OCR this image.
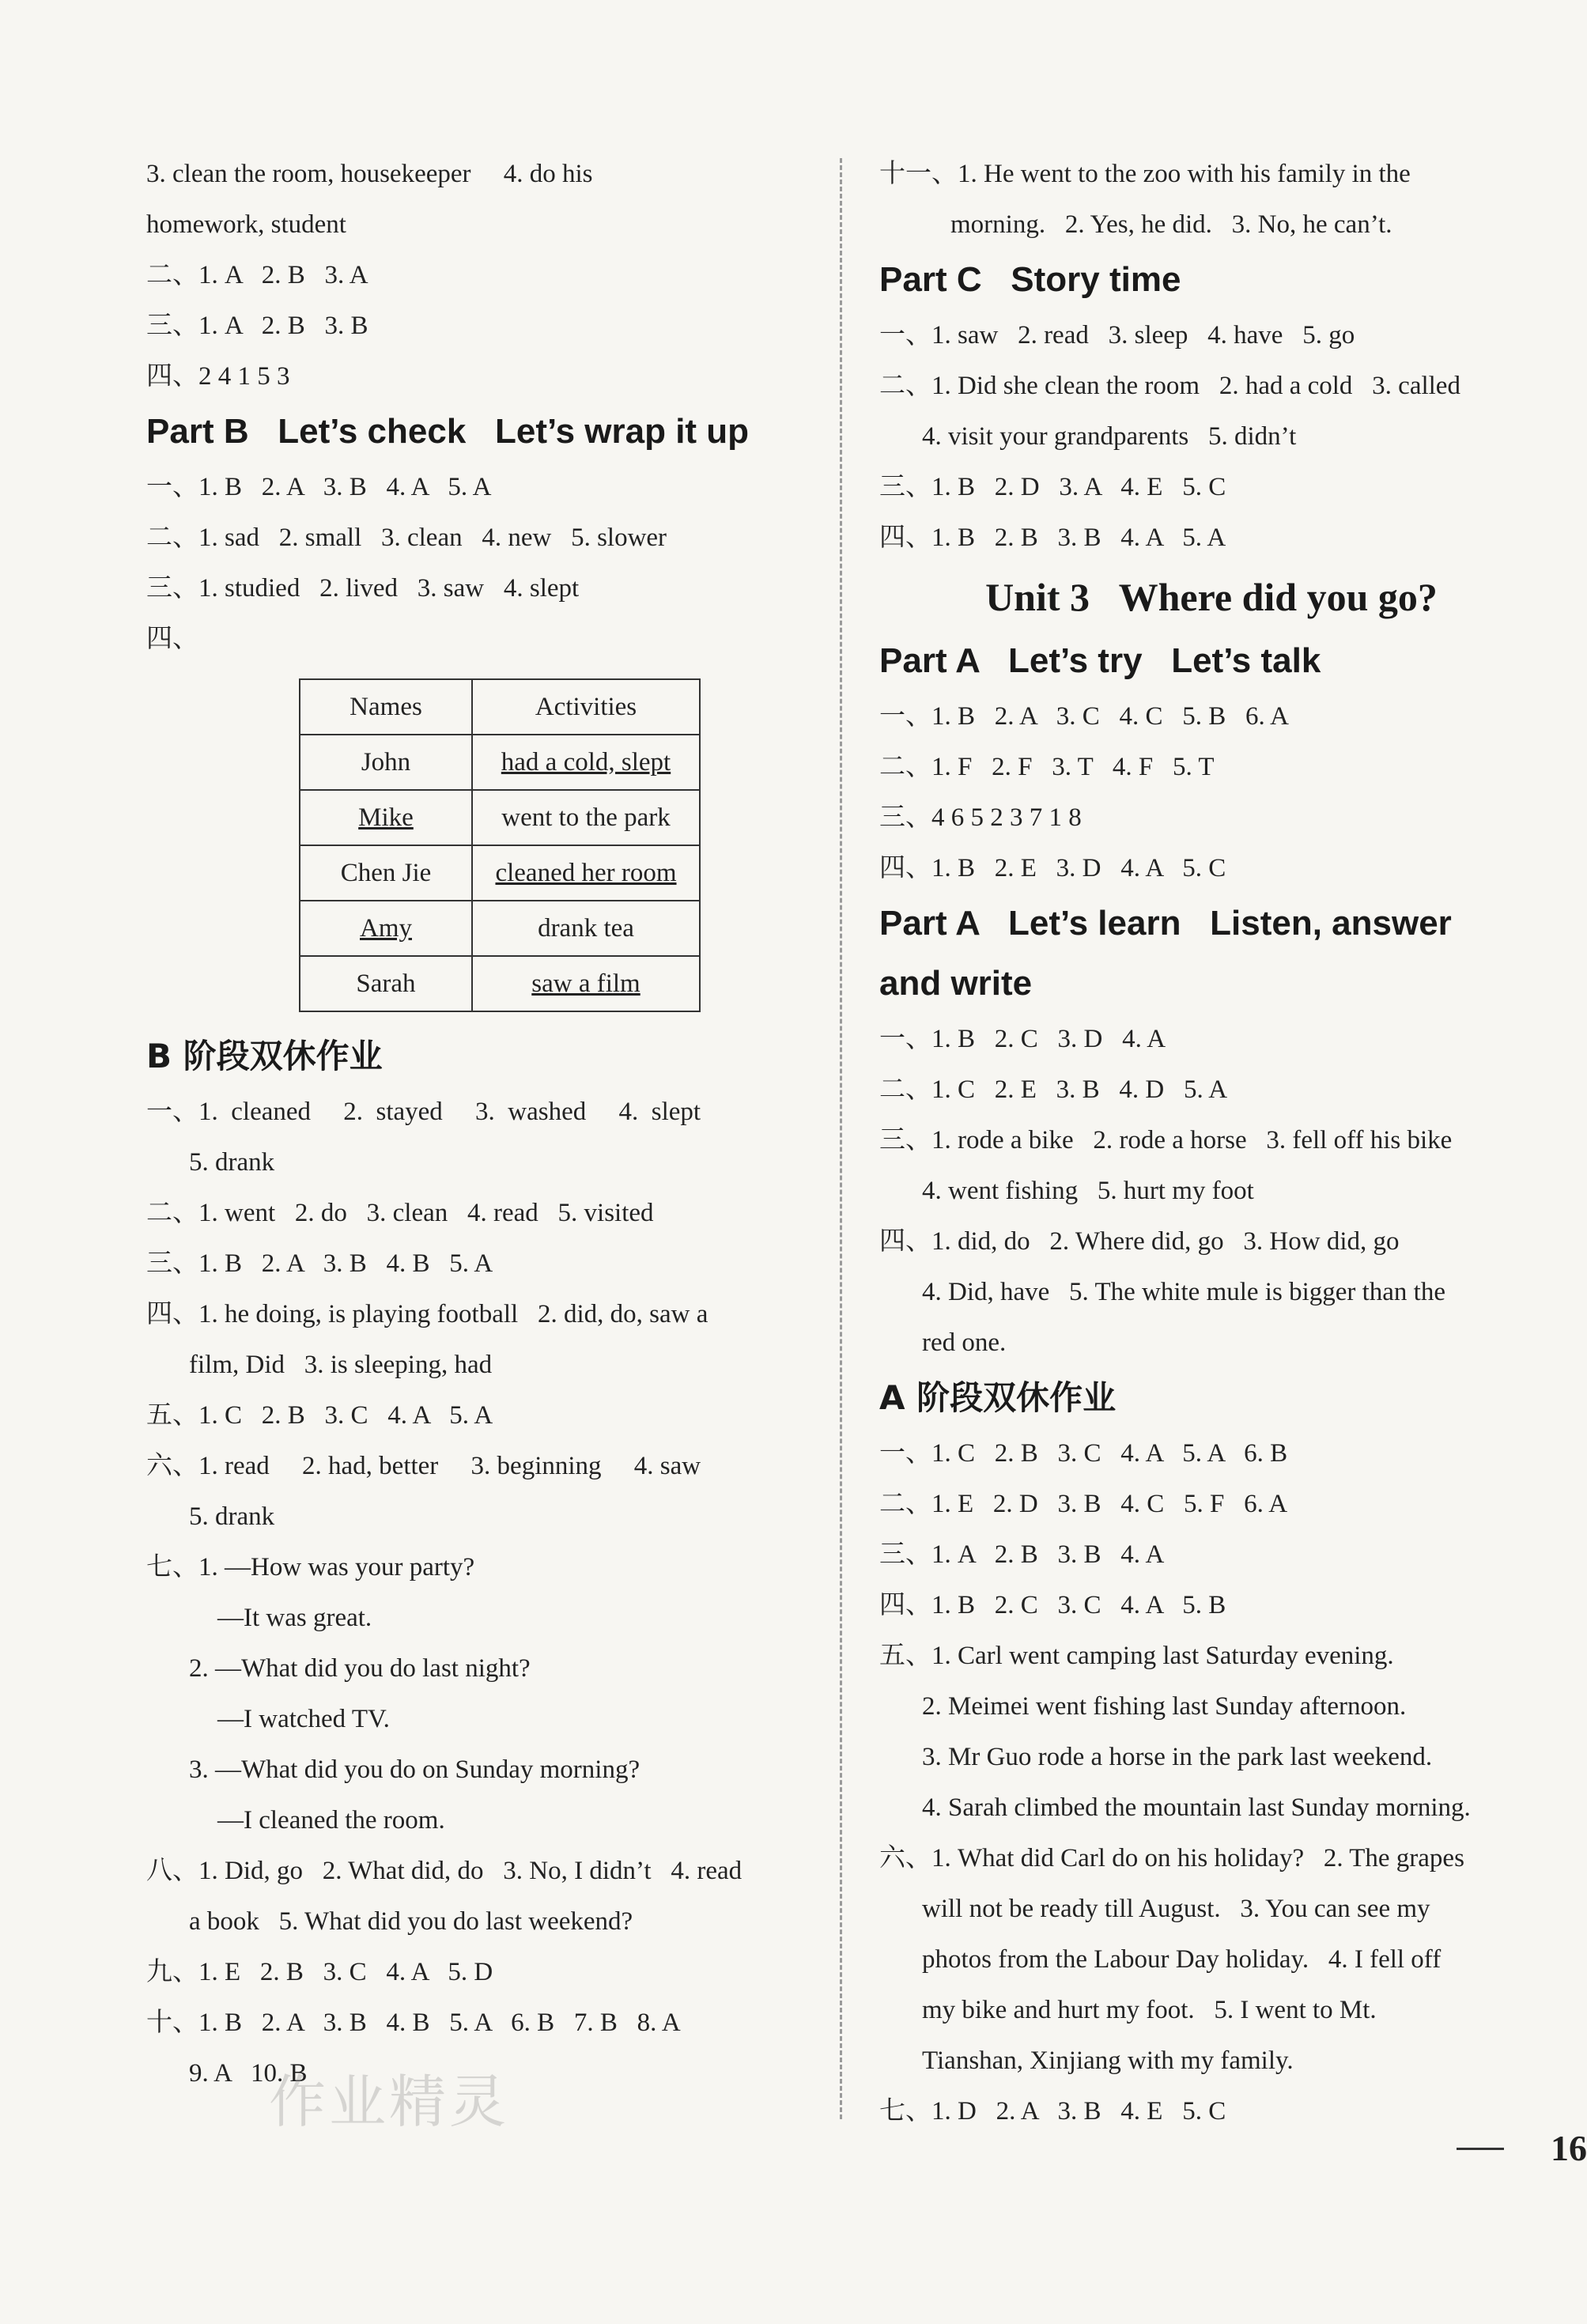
3. clean the room, housekeeper     4. do his
homework, student
二、1. A   2. B   3. A
三、1. A   2. B   3. B
四、2 4 1 5 3
Part B   Let’s check   Let’s wrap it up
一、1. B   2. A   3. B   4. A   5. A
二、1. sad   2. small   3. clean   4. new   5. slower
三、1. studied   2. lived   3. saw   4. slept
四、
Names	Activities
John	had a cold, slept
Mike	went to the park
Chen Jie	cleaned her room
Amy	drank tea
Sarah	saw a film
B 阶段双休作业
一、1.  cleaned     2.  stayed     3.  washed     4.  slept
5. drank
二、1. went   2. do   3. clean   4. read   5. visited
三、1. B   2. A   3. B   4. B   5. A
四、1. he doing, is playing football   2. did, do, saw a
film, Did   3. is sleeping, had
五、1. C   2. B   3. C   4. A   5. A
六、1. read     2. had, better     3. beginning     4. saw
5. drank
七、1. —How was your party?
—It was great.
2. —What did you do last night?
—I watched TV.
3. —What did you do on Sunday morning?
—I cleaned the room.
八、1. Did, go   2. What did, do   3. No, I didn’t   4. read
a book   5. What did you do last weekend?
九、1. E   2. B   3. C   4. A   5. D
十、1. B   2. A   3. B   4. B   5. A   6. B   7. B   8. A
9. A   10. B
十一、1. He went to the zoo with his family in the
morning.   2. Yes, he did.   3. No, he can’t.
Part C   Story time
一、1. saw   2. read   3. sleep   4. have   5. go
二、1. Did she clean the room   2. had a cold   3. called
4. visit your grandparents   5. didn’t
三、1. B   2. D   3. A   4. E   5. C
四、1. B   2. B   3. B   4. A   5. A
Unit 3   Where did you go?
Part A   Let’s try   Let’s talk
一、1. B   2. A   3. C   4. C   5. B   6. A
二、1. F   2. F   3. T   4. F   5. T
三、4 6 5 2 3 7 1 8
四、1. B   2. E   3. D   4. A   5. C
Part A   Let’s learn   Listen, answer
and write
一、1. B   2. C   3. D   4. A
二、1. C   2. E   3. B   4. D   5. A
三、1. rode a bike   2. rode a horse   3. fell off his bike
4. went fishing   5. hurt my foot
四、1. did, do   2. Where did, go   3. How did, go
4. Did, have   5. The white mule is bigger than the
red one.
A 阶段双休作业
一、1. C   2. B   3. C   4. A   5. A   6. B
二、1. E   2. D   3. B   4. C   5. F   6. A
三、1. A   2. B   3. B   4. A
四、1. B   2. C   3. C   4. A   5. B
五、1. Carl went camping last Saturday evening.
2. Meimei went fishing last Sunday afternoon.
3. Mr Guo rode a horse in the park last weekend.
4. Sarah climbed the mountain last Sunday morning.
六、1. What did Carl do on his holiday?   2. The grapes
will not be ready till August.   3. You can see my
photos from the Labour Day holiday.   4. I fell off
my bike and hurt my foot.   5. I went to Mt.
Tianshan, Xinjiang with my family.
七、1. D   2. A   3. B   4. E   5. C
作业精灵
16
